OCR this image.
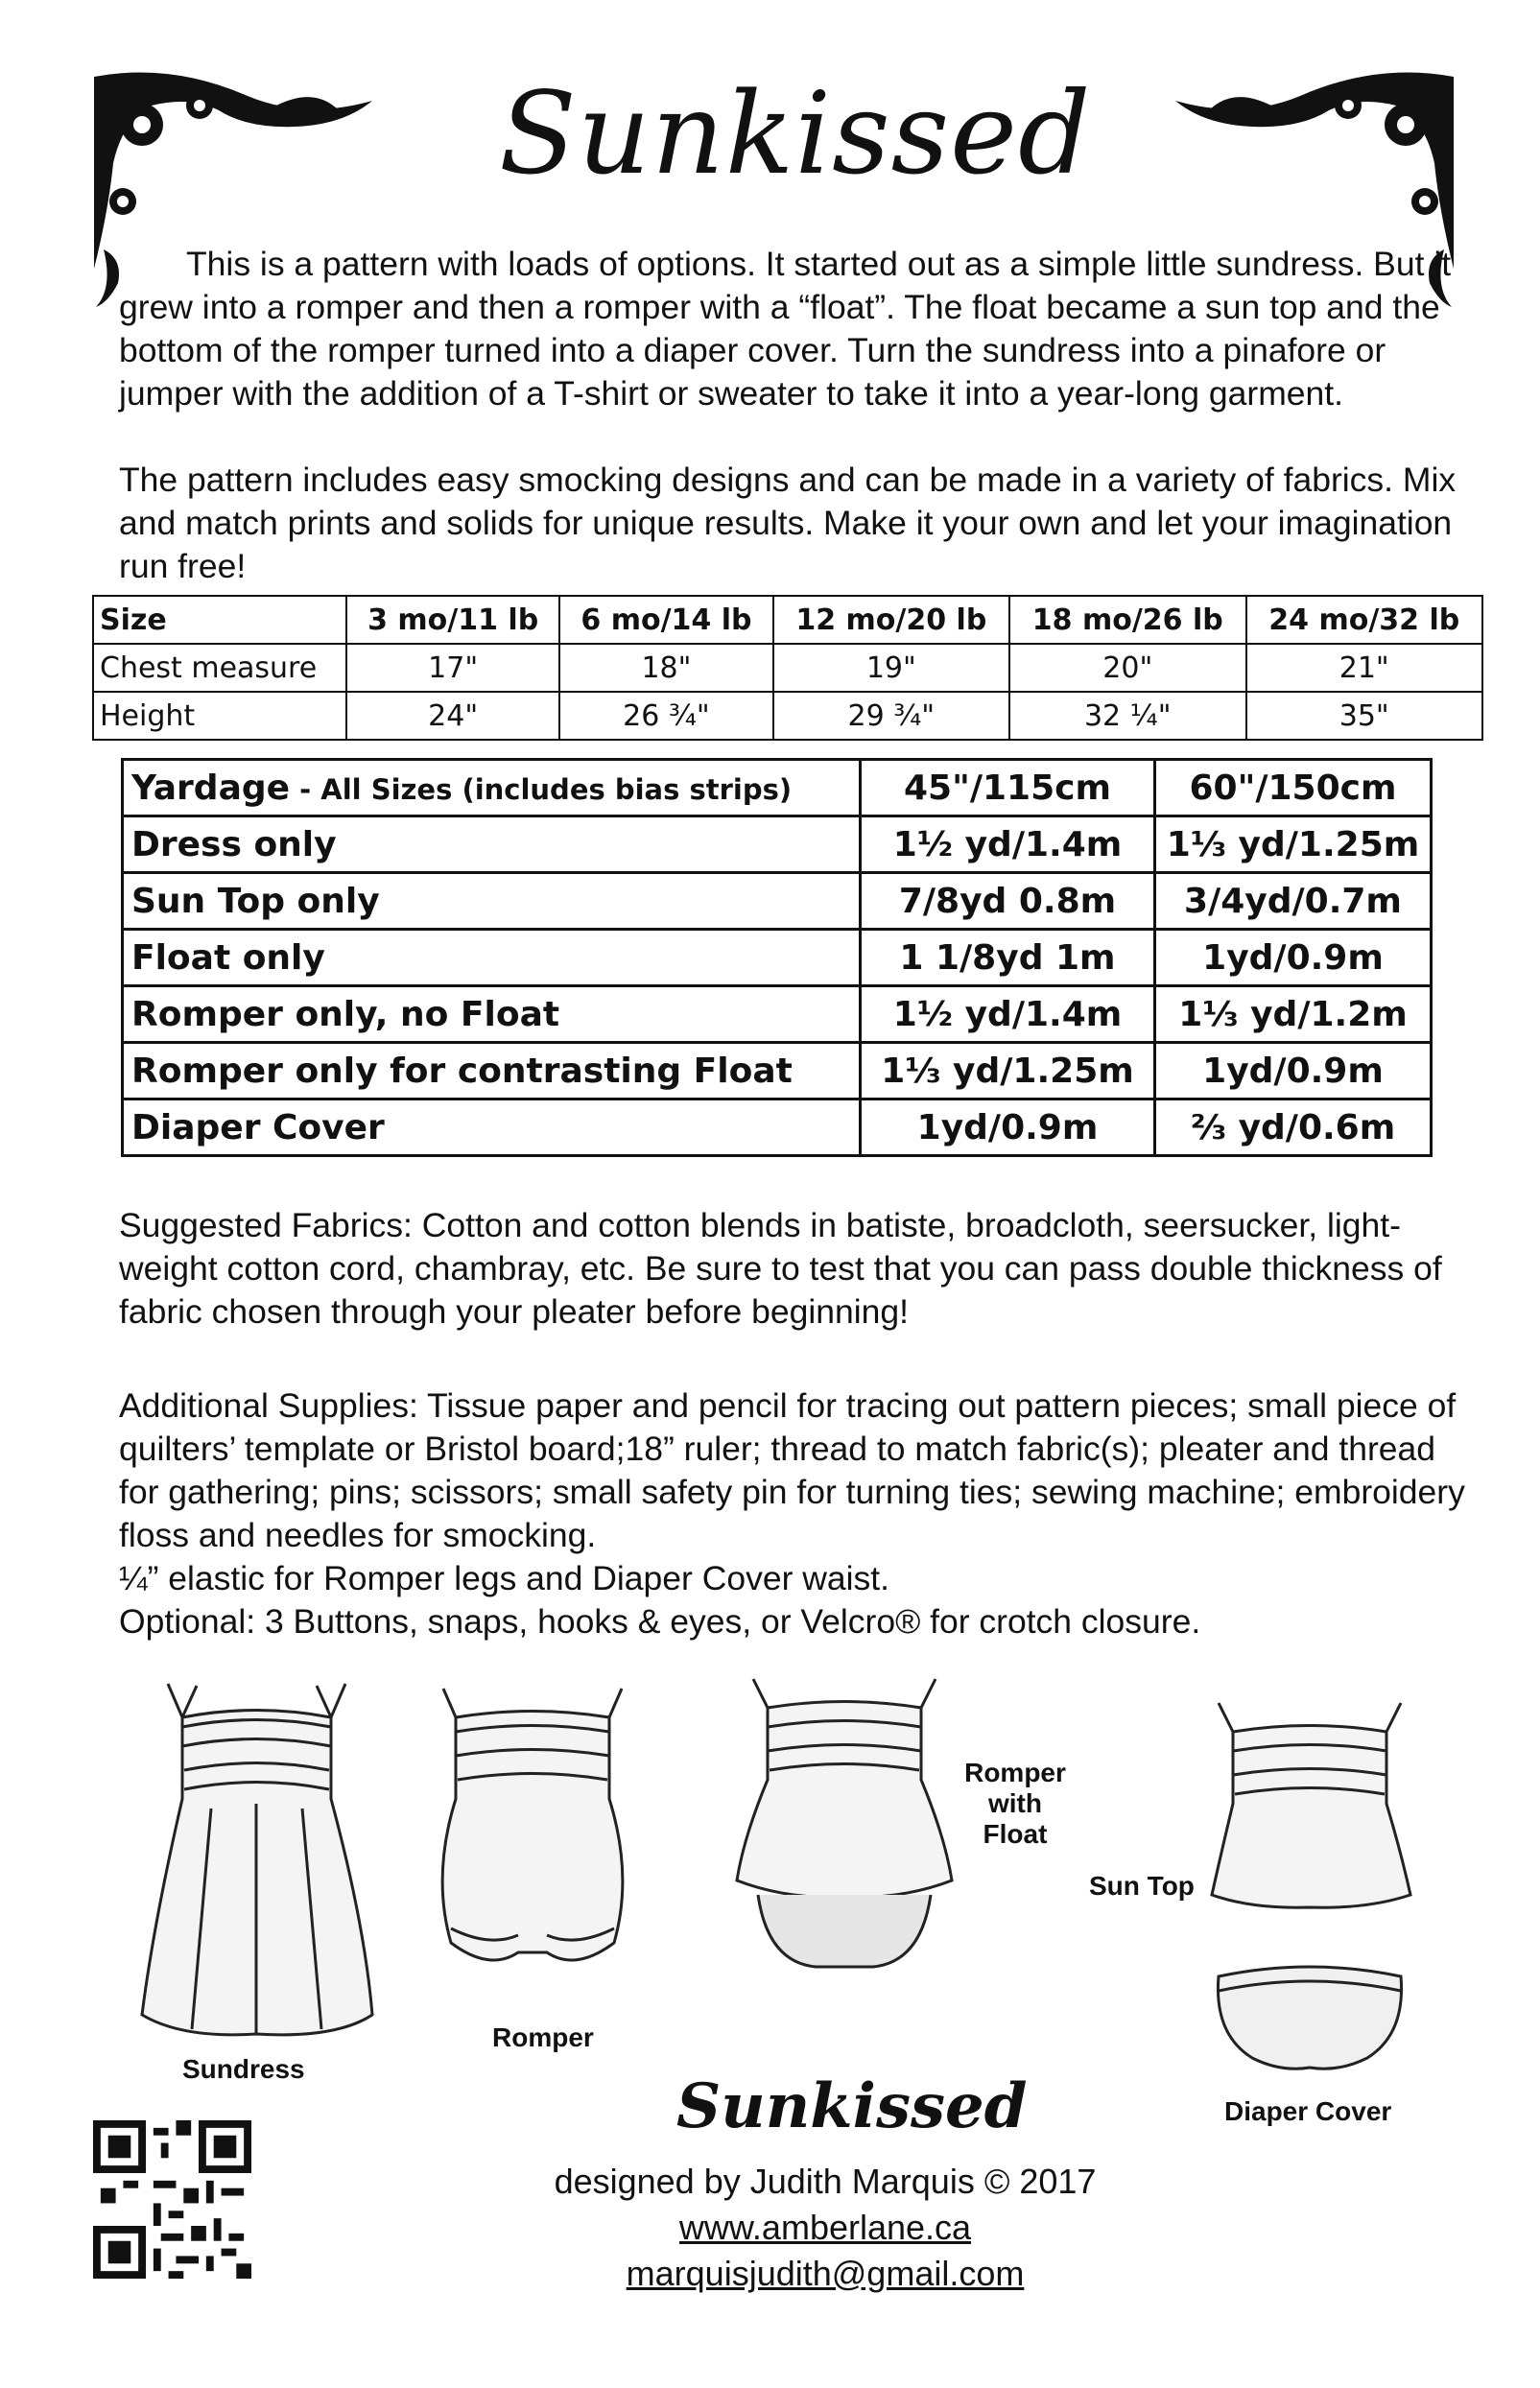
Sunkissed
This is a pattern with loads of options. It started out as a simple little sundress. But it grew into a romper and then a romper with a “float”. The float became a sun top and the bottom of the romper turned into a diaper cover. Turn the sundress into a pinafore or jumper with the addition of a T-shirt or sweater to take it into a year-long garment.
The pattern includes easy smocking designs and can be made in a variety of fabrics. Mix and match prints and solids for unique results. Make it your own and let your imagination run free!
Size	3 mo/11 lb	6 mo/14 lb	12 mo/20 lb	18 mo/26 lb	24 mo/32 lb
Chest measure	17"	18"	19"	20"	21"
Height	24"	26 ¾"	29 ¾"	32 ¼"	35"
Yardage - All Sizes (includes bias strips)	45"/115cm	60"/150cm
Dress only	1½ yd/1.4m	1⅓ yd/1.25m
Sun Top only	7/8yd 0.8m	3/4yd/0.7m
Float only	1 1/8yd 1m	1yd/0.9m
Romper only, no Float	1½ yd/1.4m	1⅓ yd/1.2m
Romper only for contrasting Float	1⅓ yd/1.25m	1yd/0.9m
Diaper Cover	1yd/0.9m	⅔ yd/0.6m
Suggested Fabrics: Cotton and cotton blends in batiste, broadcloth, seersucker, light-weight cotton cord, chambray, etc. Be sure to test that you can pass double thickness of fabric chosen through your pleater before beginning!
Additional Supplies: Tissue paper and pencil for tracing out pattern pieces; small piece of quilters’ template or Bristol board;18” ruler; thread to match fabric(s); pleater and thread for gathering; pins; scissors; small safety pin for turning ties; sewing machine; embroidery floss and needles for smocking.
¼” elastic for Romper legs and Diaper Cover waist.
Optional: 3 Buttons, snaps, hooks & eyes, or Velcro® for crotch closure.
Sundress
Romper
Romper with
Float
Sun Top
Diaper Cover
Sunkissed
designed by Judith Marquis © 2017
www.amberlane.ca
marquisjudith@gmail.com
